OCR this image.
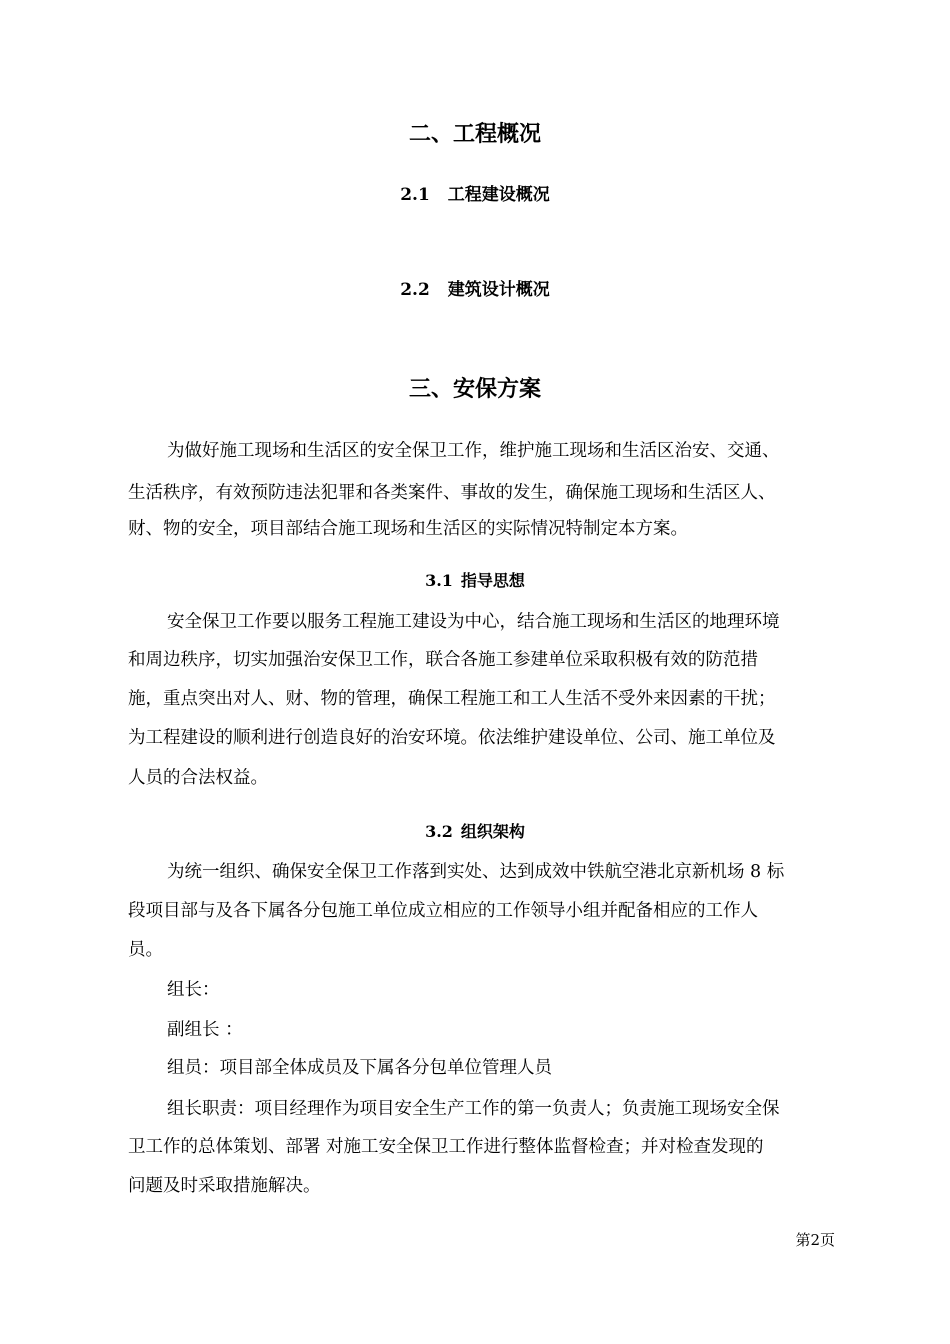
二、工程概况
2.1 工程建设概况
2.2 建筑设计概况
三、安保方案
为做好施工现场和生活区的安全保卫工作，维护施工现场和生活区治安、交通、
生活秩序，有效预防违法犯罪和各类案件、事故的发生，确保施工现场和生活区人、
财、物的安全，项目部结合施工现场和生活区的实际情况特制定本方案。
3.1 指导思想
安全保卫工作要以服务工程施工建设为中心，结合施工现场和生活区的地理环境
和周边秩序，切实加强治安保卫工作，联合各施工参建单位采取积极有效的防范措
施，重点突出对人、财、物的管理，确保工程施工和工人生活不受外来因素的干扰；
为工程建设的顺利进行创造良好的治安环境。依法维护建设单位、公司、施工单位及
人员的合法权益。
3.2 组织架构
为统一组织、确保安全保卫工作落到实处、达到成效中铁航空港北京新机场 8 标
段项目部与及各下属各分包施工单位成立相应的工作领导小组并配备相应的工作人
员。
组长：
副组长 ：
组员：项目部全体成员及下属各分包单位管理人员
组长职责：项目经理作为项目安全生产工作的第一负责人；负责施工现场安全保
卫工作的总体策划、部署 对施工安全保卫工作进行整体监督检查；并对检查发现的
问题及时采取措施解决。
第2页
